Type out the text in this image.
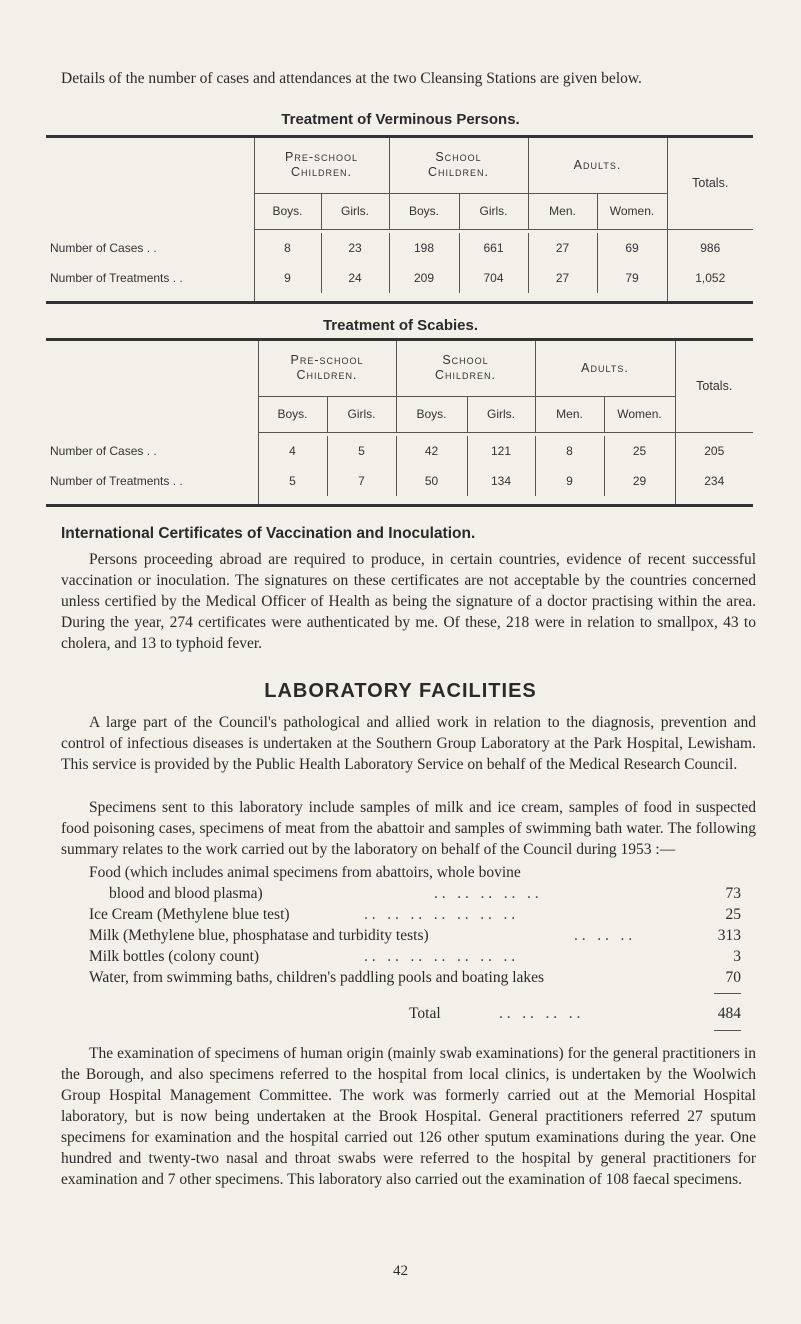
Details of the number of cases and attendances at the two Cleansing Stations are given below.
Treatment of Verminous Persons.

	Pre-school
Children.		School
Children.		Adults.		Totals.
	Boys.	Girls.	Boys.	Girls.	Men.	Women.	

Number of Cases . .	8	23	198	661	27	69	986
Number of Treatments . .	9	24	209	704	27	79	1,052

Treatment of Scabies.

	Pre-school
Children.		School
Children.		Adults.		Totals.
	Boys.	Girls.	Boys.	Girls.	Men.	Women.	

Number of Cases . .	4	5	42	121	8	25	205
Number of Treatments . .	5	7	50	134	9	29	234

International Certificates of Vaccination and Inoculation.
Persons proceeding abroad are required to produce, in certain countries, evidence of recent successful vaccination or inoculation. The signatures on these certificates are not acceptable by the countries concerned unless certified by the Medical Officer of Health as being the signature of a doctor practising within the area. During the year, 274 certificates were authenticated by me. Of these, 218 were in relation to smallpox, 43 to cholera, and 13 to typhoid fever.
LABORATORY FACILITIES
A large part of the Council's pathological and allied work in relation to the diagnosis, prevention and control of infectious diseases is undertaken at the Southern Group Laboratory at the Park Hospital, Lewisham. This service is provided by the Public Health Laboratory Service on behalf of the Medical Research Council.
Specimens sent to this laboratory include samples of milk and ice cream, samples of food in suspected food poisoning cases, specimens of meat from the abattoir and samples of swimming bath water. The following summary relates to the work carried out by the laboratory on behalf of the Council during 1953 :—
Food (which includes animal specimens from abattoirs, whole bovine
blood and blood plasma)	. .   . .   . .   . .   . .	73
Ice Cream (Methylene blue test)	. .   . .   . .   . .   . .   . .   . .	25
Milk (Methylene blue, phosphatase and turbidity tests)	. .   . .   . .	313
Milk bottles (colony count)	. .   . .   . .   . .   . .   . .   . .	3
Water, from swimming baths, children's paddling pools and boating lakes	70
Total	. .   . .   . .   . .	484
The examination of specimens of human origin (mainly swab examinations) for the general practitioners in the Borough, and also specimens referred to the hospital from local clinics, is undertaken by the Woolwich Group Hospital Management Committee. The work was formerly carried out at the Memorial Hospital laboratory, but is now being undertaken at the Brook Hospital. General practitioners referred 27 sputum specimens for examination and the hospital carried out 126 other sputum examinations during the year. One hundred and twenty-two nasal and throat swabs were referred to the hospital by general practitioners for examination and 7 other specimens. This laboratory also carried out the examination of 108 faecal specimens.
42
